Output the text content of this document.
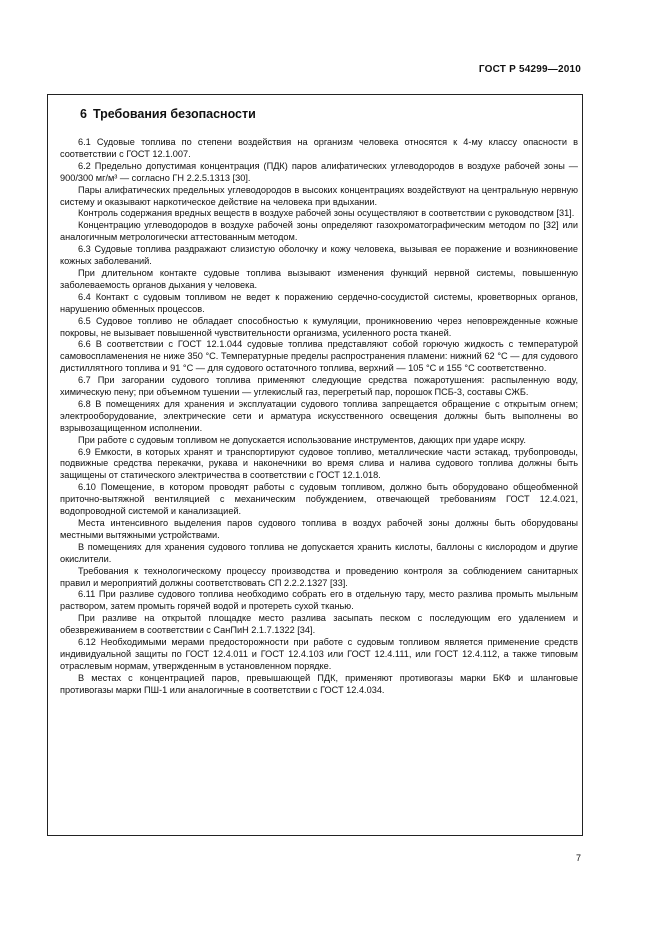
ГОСТ Р 54299—2010
6 Требования безопасности

6.1 Судовые топлива по степени воздействия на организм человека относятся к 4-му классу опасности в соответствии с ГОСТ 12.1.007.

6.2 Предельно допустимая концентрация (ПДК) паров алифатических углеводородов в воздухе рабочей зоны — 900/300 мг/м³ — согласно ГН 2.2.5.1313 [30].

Пары алифатических предельных углеводородов в высоких концентрациях воздействуют на центральную нервную систему и оказывают наркотическое действие на человека при вдыхании.

Контроль содержания вредных веществ в воздухе рабочей зоны осуществляют в соответствии с руководством [31].

Концентрацию углеводородов в воздухе рабочей зоны определяют газохроматографическим методом по [32] или аналогичным метрологически аттестованным методом.

6.3 Судовые топлива раздражают слизистую оболочку и кожу человека, вызывая ее поражение и возникновение кожных заболеваний.

При длительном контакте судовые топлива вызывают изменения функций нервной системы, повышенную заболеваемость органов дыхания у человека.

6.4 Контакт с судовым топливом не ведет к поражению сердечно-сосудистой системы, кроветворных органов, нарушению обменных процессов.

6.5 Судовое топливо не обладает способностью к кумуляции, проникновению через неповрежденные кожные покровы, не вызывает повышенной чувствительности организма, усиленного роста тканей.

6.6 В соответствии с ГОСТ 12.1.044 судовые топлива представляют собой горючую жидкость с температурой самовоспламенения не ниже 350 °С. Температурные пределы распространения пламени: нижний 62 °С — для судового дистиллятного топлива и 91 °С — для судового остаточного топлива, верхний — 105 °С и 155 °С соответственно.

6.7 При загорании судового топлива применяют следующие средства пожаротушения: распыленную воду, химическую пену; при объемном тушении — углекислый газ, перегретый пар, порошок ПСБ-3, составы СЖБ.

6.8 В помещениях для хранения и эксплуатации судового топлива запрещается обращение с открытым огнем; электрооборудование, электрические сети и арматура искусственного освещения должны быть выполнены во взрывозащищенном исполнении.

При работе с судовым топливом не допускается использование инструментов, дающих при ударе искру.

6.9 Емкости, в которых хранят и транспортируют судовое топливо, металлические части эстакад, трубопроводы, подвижные средства перекачки, рукава и наконечники во время слива и налива судового топлива должны быть защищены от статического электричества в соответствии с ГОСТ 12.1.018.

6.10 Помещение, в котором проводят работы с судовым топливом, должно быть оборудовано общеобменной приточно-вытяжной вентиляцией с механическим побуждением, отвечающей требованиям ГОСТ 12.4.021, водопроводной системой и канализацией.

Места интенсивного выделения паров судового топлива в воздух рабочей зоны должны быть оборудованы местными вытяжными устройствами.

В помещениях для хранения судового топлива не допускается хранить кислоты, баллоны с кислородом и другие окислители.

Требования к технологическому процессу производства и проведению контроля за соблюдением санитарных правил и мероприятий должны соответствовать СП 2.2.2.1327 [33].

6.11 При разливе судового топлива необходимо собрать его в отдельную тару, место разлива промыть мыльным раствором, затем промыть горячей водой и протереть сухой тканью.

При разливе на открытой площадке место разлива засыпать песком с последующим его удалением и обезвреживанием в соответствии с СанПиН 2.1.7.1322 [34].

6.12 Необходимыми мерами предосторожности при работе с судовым топливом является применение средств индивидуальной защиты по ГОСТ 12.4.011 и ГОСТ 12.4.103 или ГОСТ 12.4.111, или ГОСТ 12.4.112, а также типовым отраслевым нормам, утвержденным в установленном порядке.

В местах с концентрацией паров, превышающей ПДК, применяют противогазы марки БКФ и шланговые противогазы марки ПШ-1 или аналогичные в соответствии с ГОСТ 12.4.034.

7
